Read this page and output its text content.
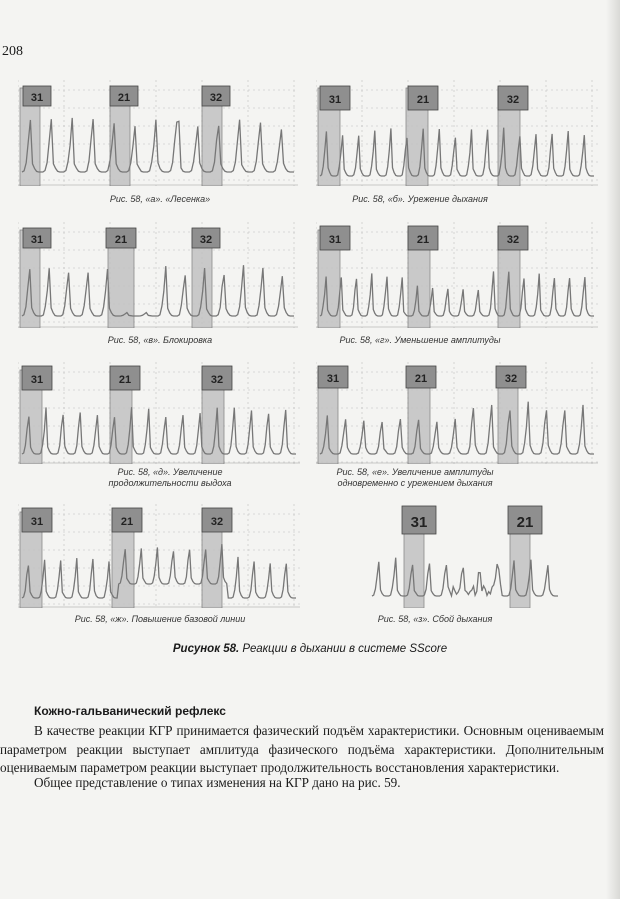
208
31	21	32
Рис. 58, «а». «Лесенка»
31	21	32
Рис. 58, «б». Урежение дыхания
31	21	32
Рис. 58, «в». Блокировка
31	21	32
Рис. 58, «г». Уменьшение амплитуды
31	21	32
Рис. 58, «д». Увеличение
продолжительности выдоха
31	21	32
Рис. 58, «е». Увеличение амплитуды
одновременно с урежением дыхания
31	21	32
Рис. 58, «ж». Повышение базовой линии
31	21
Рис. 58, «з». Сбой дыхания
Рисунок 58. Реакции в дыхании в системе SScore
Кожно-гальванический рефлекс
В качестве реакции КГР принимается фазический подъём характеристики. Основным оцениваемым параметром реакции выступает амплитуда фазического подъёма характеристики. Дополнительным оцениваемым параметром реакции выступает продолжительность восстановления характеристики.
Общее представление о типах изменения на КГР дано на рис. 59.
